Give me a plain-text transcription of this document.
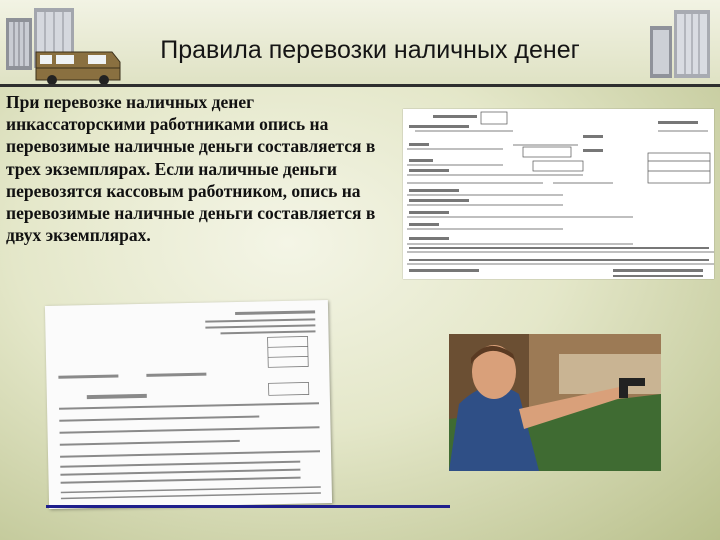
Правила перевозки наличных денег
При перевозке наличных денег инкассаторскими работниками опись на перевозимые наличные деньги составляется в трех экземплярах. Если наличные деньги перевозятся кассовым работником, опись на перевозимые наличные деньги составляется в двух экземплярах.
